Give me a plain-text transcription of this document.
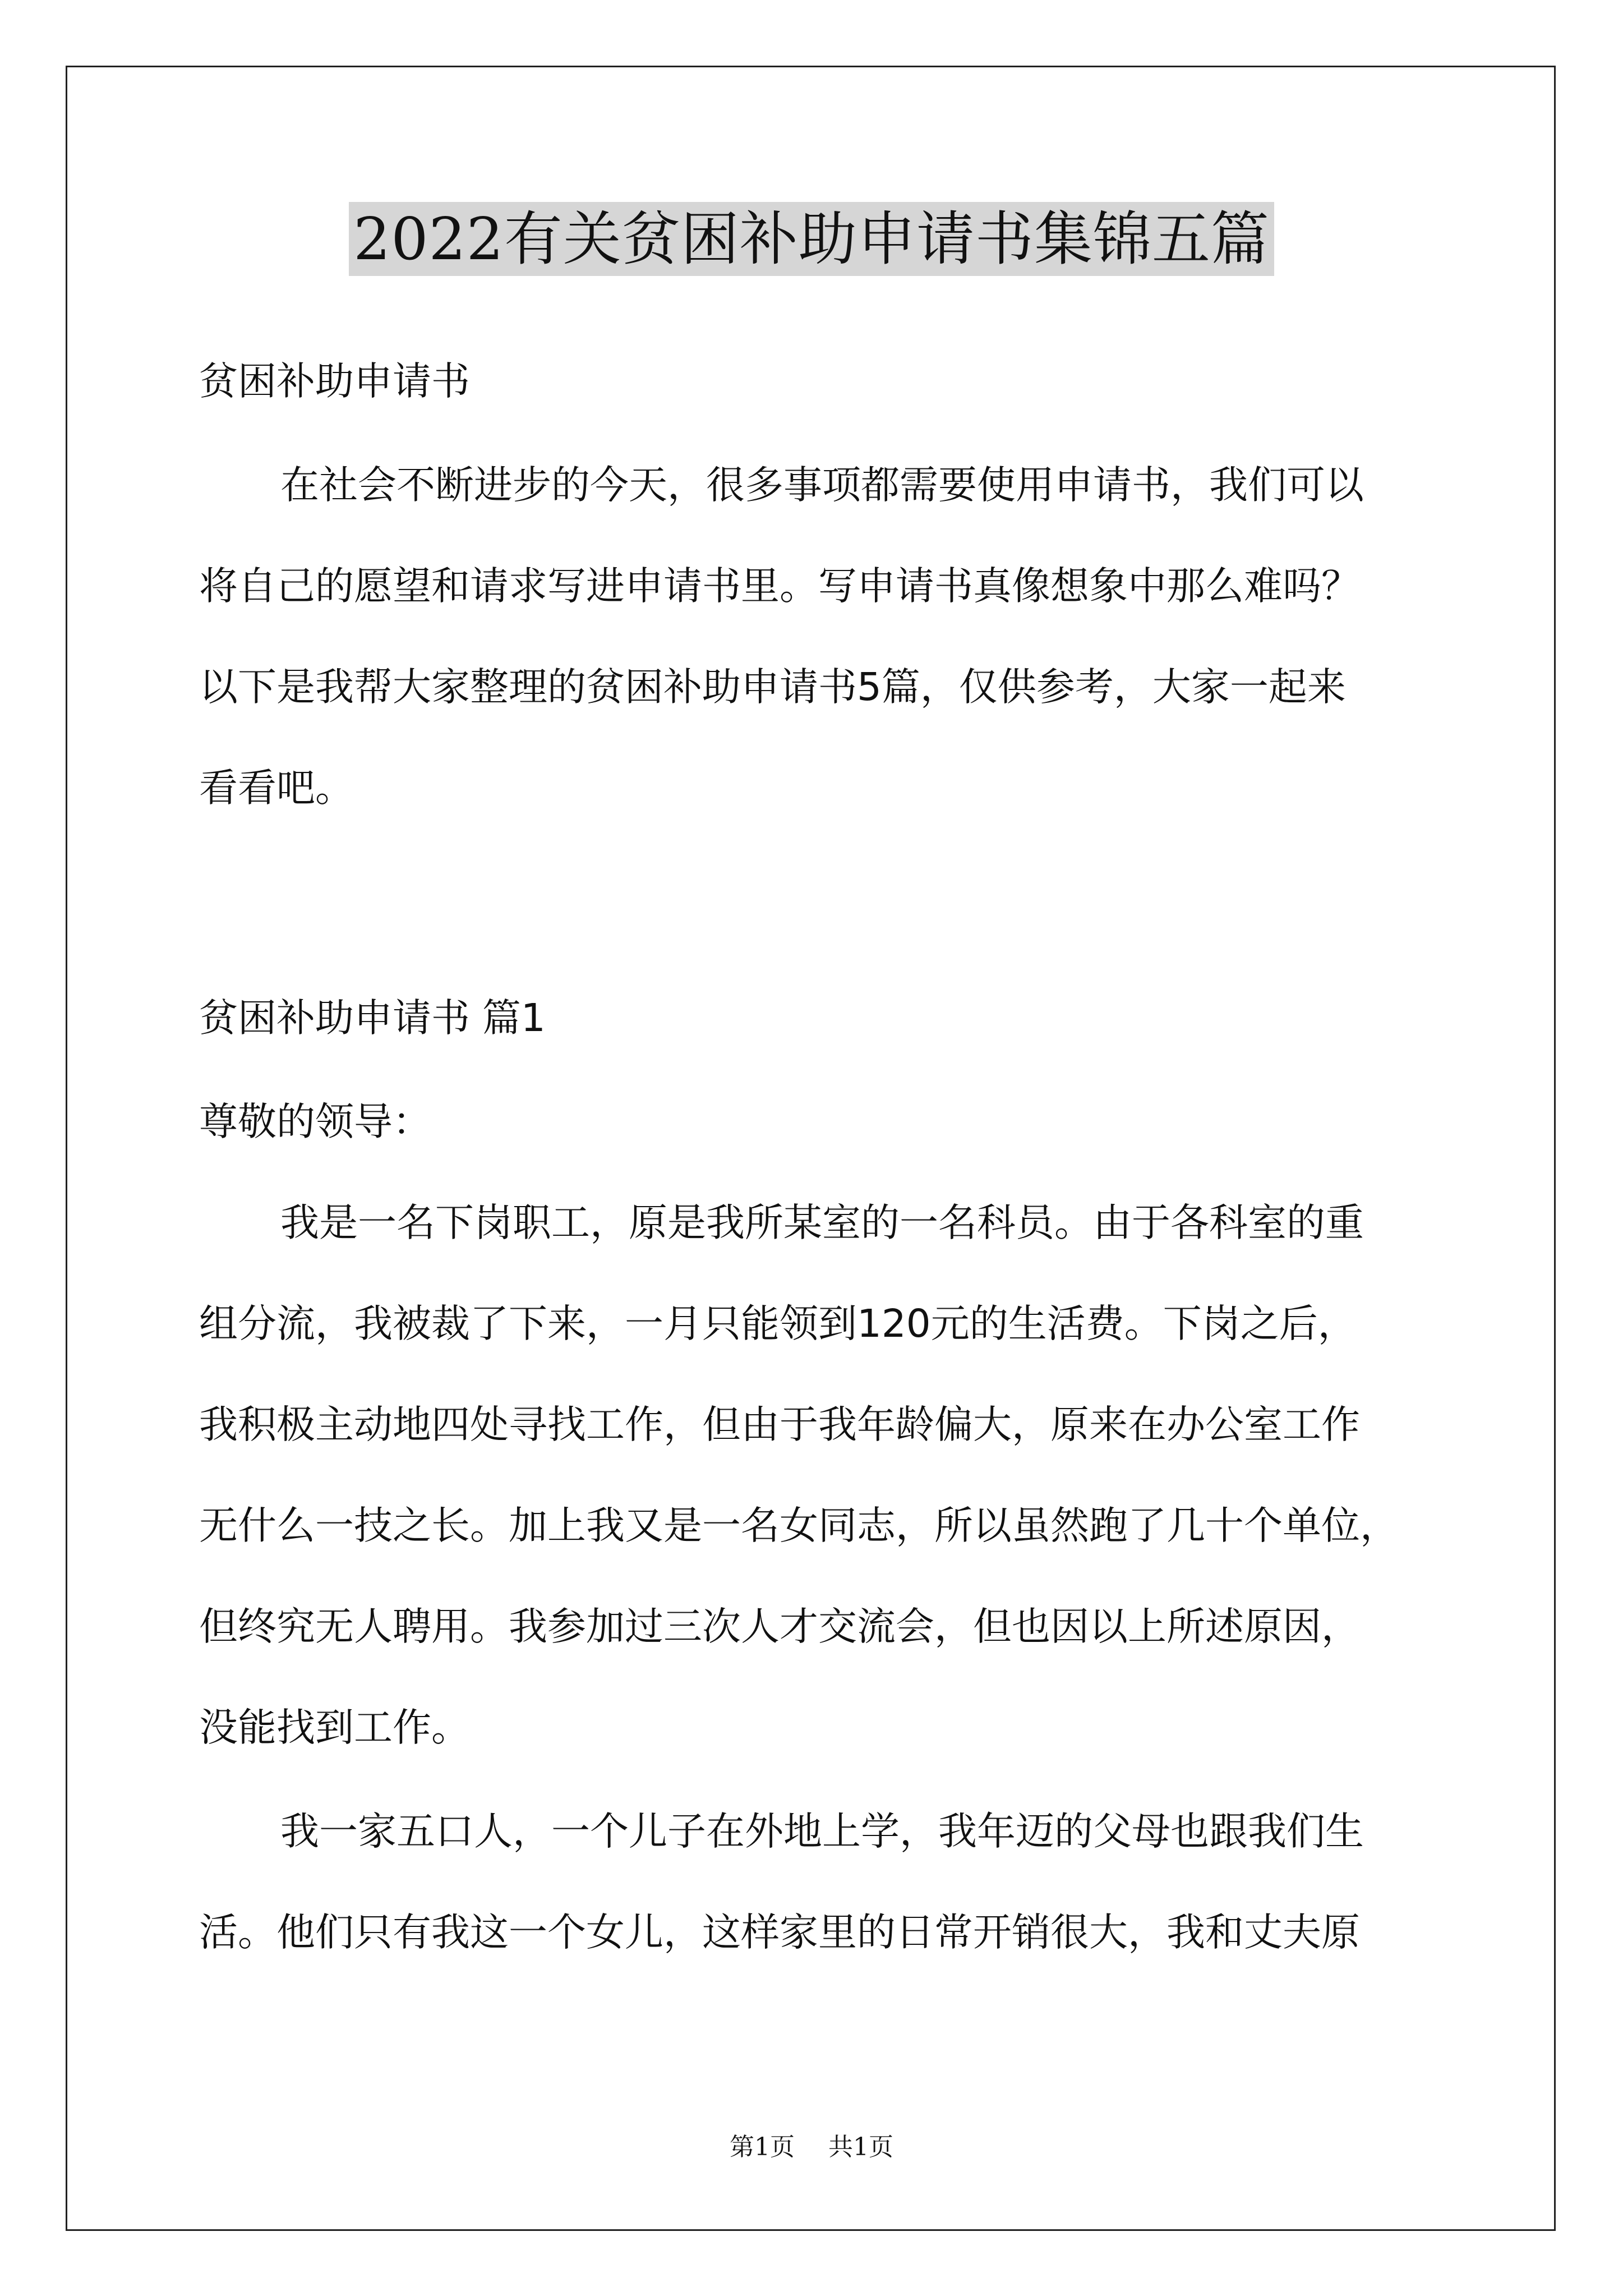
2022有关贫困补助申请书集锦五篇
贫困补助申请书
在社会不断进步的今天，很多事项都需要使用申请书，我们可以
将自己的愿望和请求写进申请书里。写申请书真像想象中那么难吗？
以下是我帮大家整理的贫困补助申请书5篇，仅供参考，大家一起来
看看吧。
贫困补助申请书 篇1
尊敬的领导：
我是一名下岗职工，原是我所某室的一名科员。由于各科室的重
组分流，我被裁了下来，一月只能领到120元的生活费。下岗之后，
我积极主动地四处寻找工作，但由于我年龄偏大，原来在办公室工作
无什么一技之长。加上我又是一名女同志，所以虽然跑了几十个单位，
但终究无人聘用。我参加过三次人才交流会，但也因以上所述原因，
没能找到工作。
我一家五口人，一个儿子在外地上学，我年迈的父母也跟我们生
活。他们只有我这一个女儿，这样家里的日常开销很大，我和丈夫原
第1页 共1页
